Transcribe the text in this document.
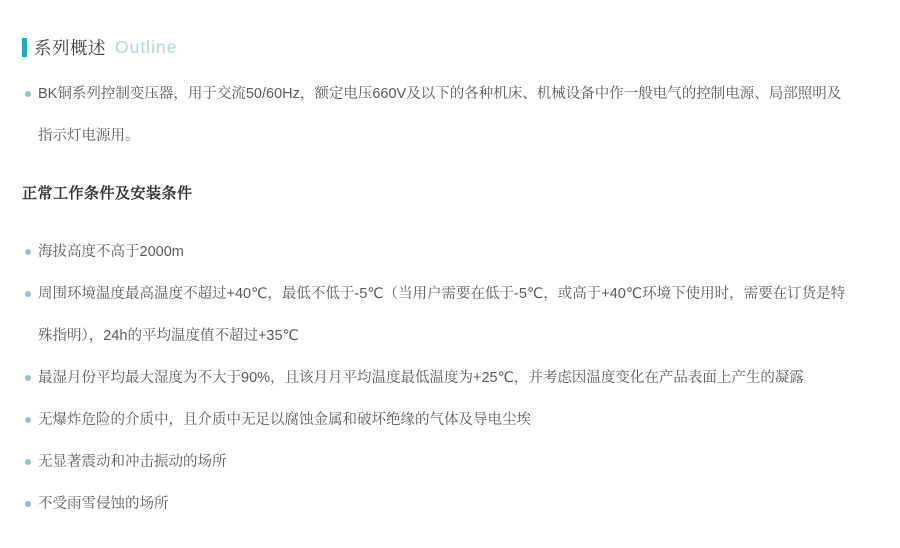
系列概述 Outline
BK铜系列控制变压器，用于交流50/60Hz，额定电压660V及以下的各种机床、机械设备中作一般电气的控制电源、局部照明及
指示灯电源用。
正常工作条件及安装条件
海拔高度不高于2000m
周围环境温度最高温度不超过+40℃，最低不低于-5℃（当用户需要在低于-5℃，或高于+40℃环境下使用时，需要在订货是特
殊指明），24h的平均温度值不超过+35℃
最湿月份平均最大湿度为不大于90%，且该月月平均温度最低温度为+25℃，并考虑因温度变化在产品表面上产生的凝露
无爆炸危险的介质中，且介质中无足以腐蚀金属和破坏绝缘的气体及导电尘埃
无显著震动和冲击振动的场所
不受雨雪侵蚀的场所
